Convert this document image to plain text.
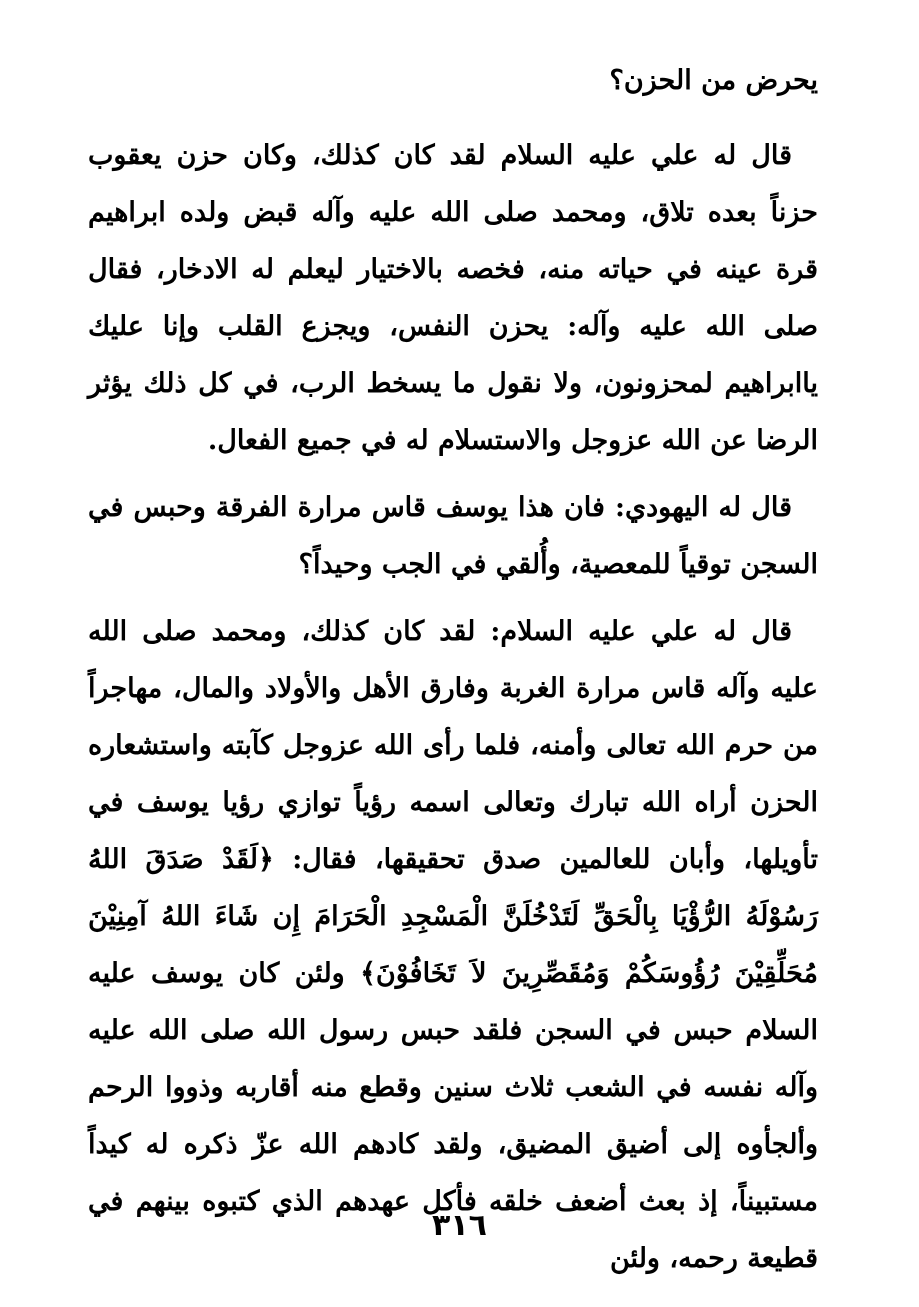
يحرض من الحزن؟

قال له علي عليه السلام لقد كان كذلك، وكان حزن يعقوب حزناً بعده تلاق، ومحمد صلى الله عليه وآله قبض ولده ابراهيم قرة عينه في حياته منه، فخصه بالاختيار ليعلم له الادخار، فقال صلى الله عليه وآله: يحزن النفس، ويجزع القلب وإنا عليك ياابراهيم لمحزونون، ولا نقول ما يسخط الرب، في كل ذلك يؤثر الرضا عن الله عزوجل والاستسلام له في جميع الفعال.

قال له اليهودي: فان هذا يوسف قاس مرارة الفرقة وحبس في السجن توقياً للمعصية، وأُلقي في الجب وحيداً؟

قال له علي عليه السلام: لقد كان كذلك، ومحمد صلى الله عليه وآله قاس مرارة الغربة وفارق الأهل والأولاد والمال، مهاجراً من حرم الله تعالى وأمنه، فلما رأى الله عزوجل كآبته واستشعاره الحزن أراه الله تبارك وتعالى اسمه رؤياً توازي رؤيا يوسف في تأويلها، وأبان للعالمين صدق تحقيقها، فقال: ﴿لَقَدْ صَدَقَ اللهُ رَسُوْلَهُ الرُّؤْيَا بِالْحَقِّ لَتَدْخُلَنَّ الْمَسْجِدِ الْحَرَامَ إِن شَاءَ اللهُ آمِنِيْنَ مُحَلِّقِيْنَ رُؤُوسَكُمْ وَمُقَصِّرِينَ لاَ تَخَافُوْنَ﴾ ولئن كان يوسف عليه السلام حبس في السجن فلقد حبس رسول الله صلى الله عليه وآله نفسه في الشعب ثلاث سنين وقطع منه أقاربه وذووا الرحم وألجأوه إلى أضيق المضيق، ولقد كادهم الله عزّ ذكره له كيداً مستبيناً، إذ بعث أضعف خلقه فأكل عهدهم الذي كتبوه بينهم في قطيعة رحمه، ولئن

٣١٦
